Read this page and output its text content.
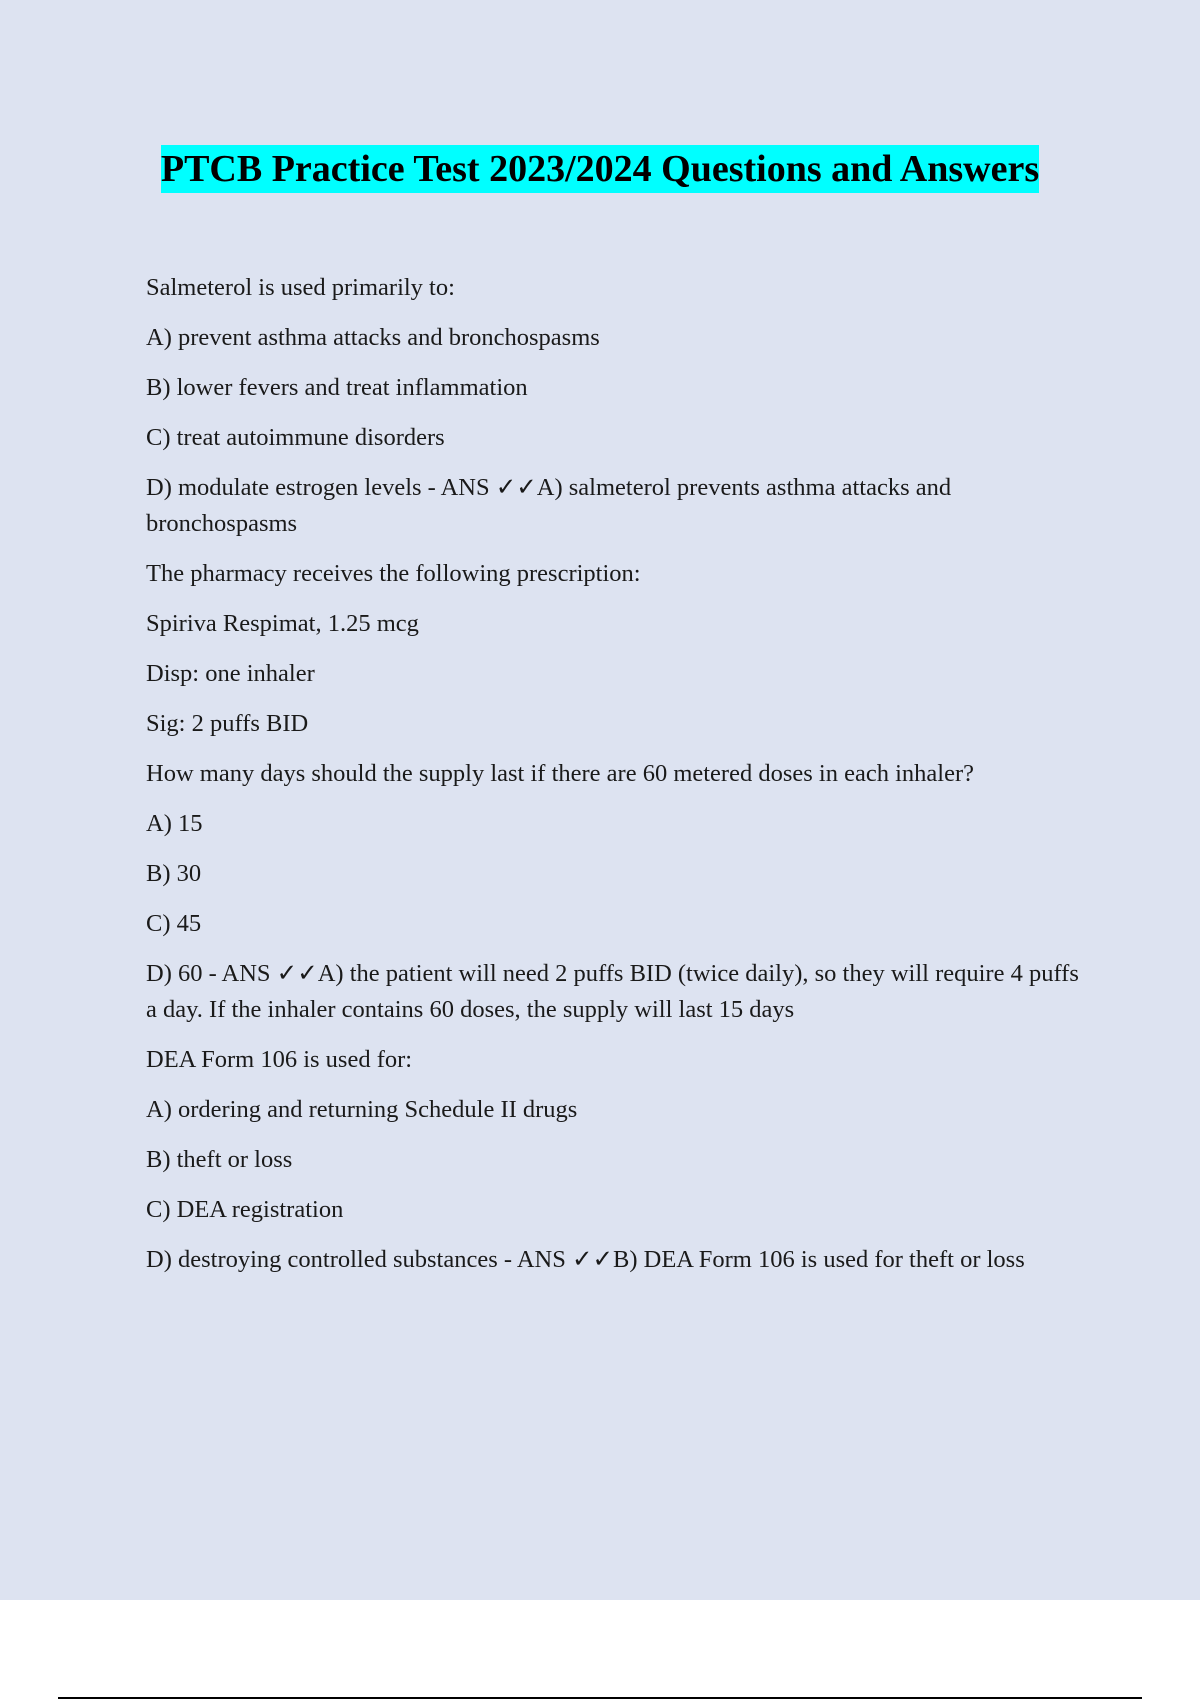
PTCB Practice Test 2023/2024 Questions and Answers

Salmeterol is used primarily to:

A) prevent asthma attacks and bronchospasms

B) lower fevers and treat inflammation

C) treat autoimmune disorders

D) modulate estrogen levels - ANS ✓✓A) salmeterol prevents asthma attacks and bronchospasms

The pharmacy receives the following prescription:

Spiriva Respimat, 1.25 mcg

Disp: one inhaler

Sig: 2 puffs BID

How many days should the supply last if there are 60 metered doses in each inhaler?

A) 15

B) 30

C) 45

D) 60 - ANS ✓✓A) the patient will need 2 puffs BID (twice daily), so they will require 4 puffs a day. If the inhaler contains 60 doses, the supply will last 15 days

DEA Form 106 is used for:

A) ordering and returning Schedule II drugs

B) theft or loss

C) DEA registration

D) destroying controlled substances - ANS ✓✓B) DEA Form 106 is used for theft or loss
